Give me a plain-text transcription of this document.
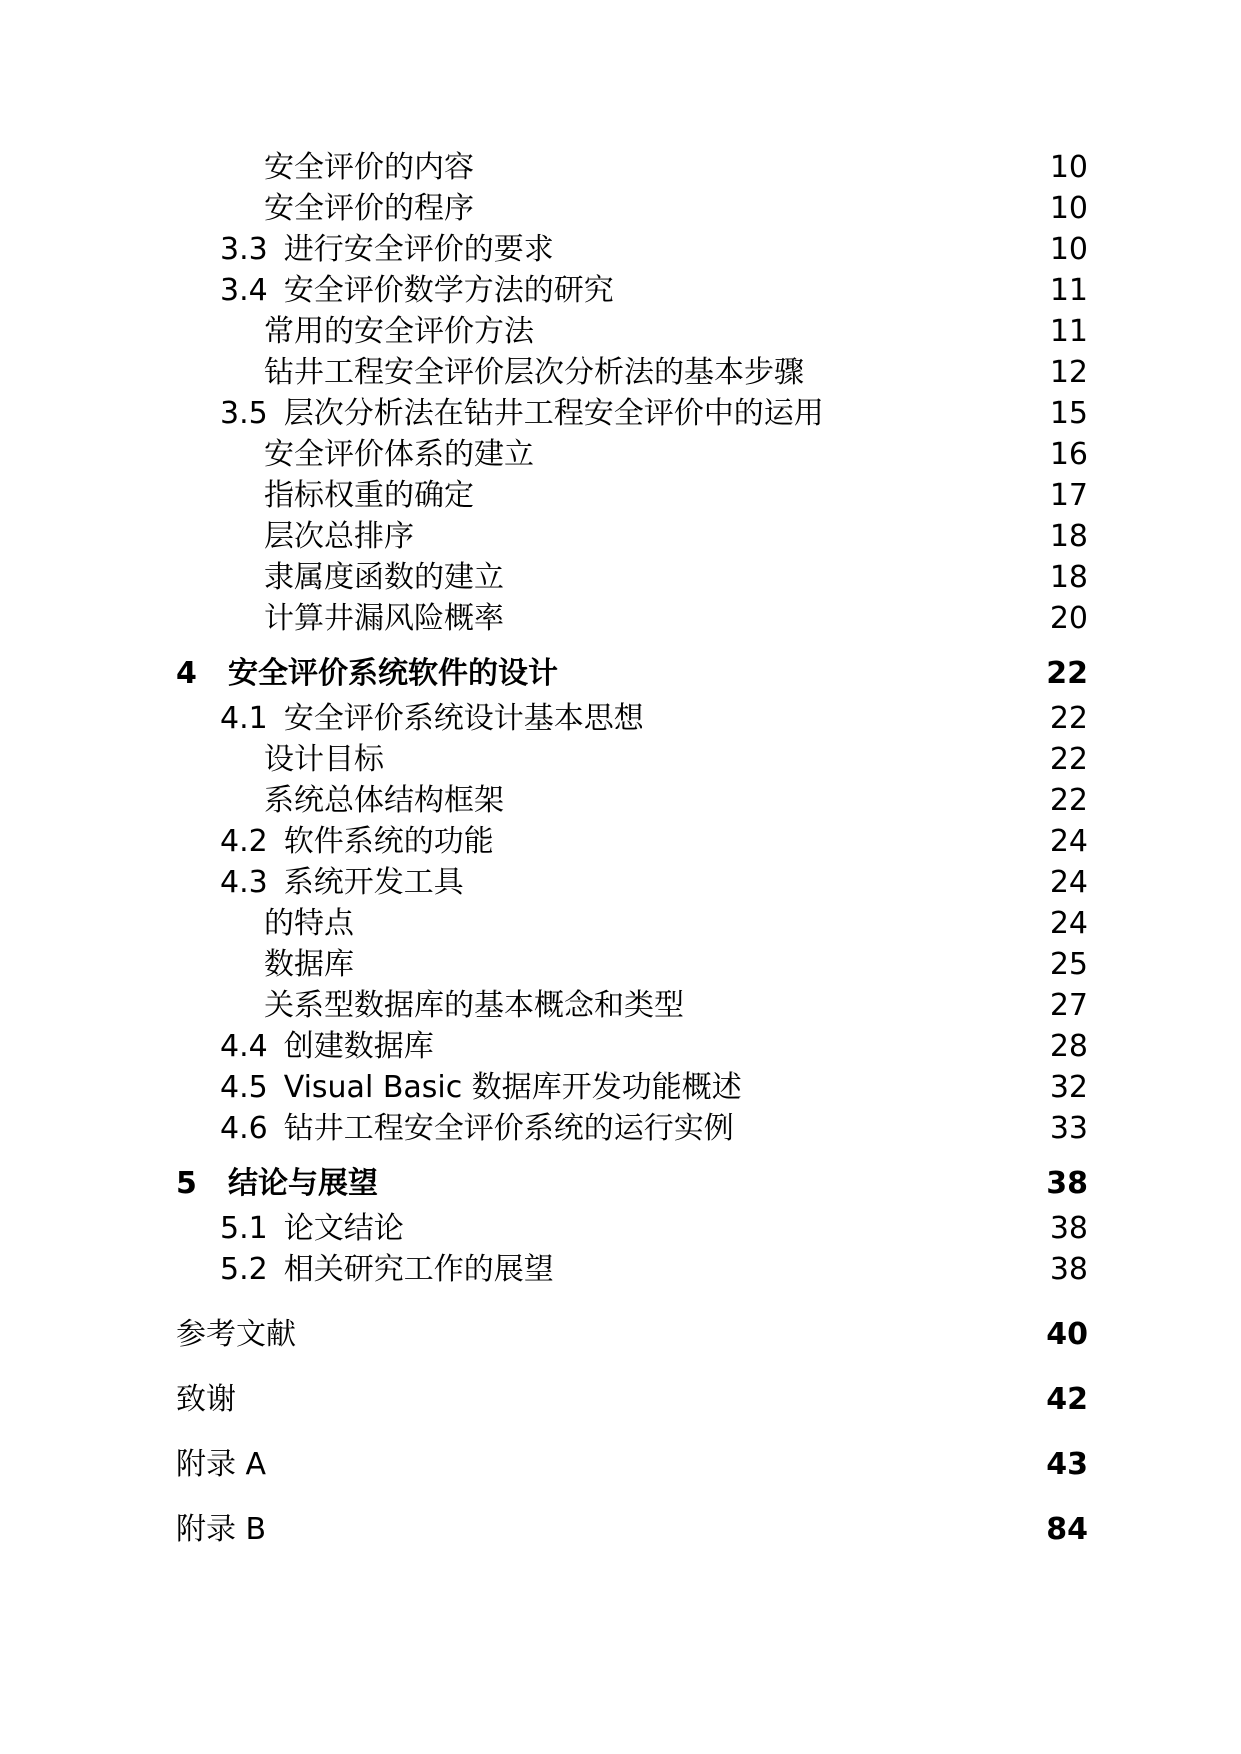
安全评价的内容 .....	10
安全评价的程序 .....	10
3.3 进行安全评价的要求 .....	10
3.4 安全评价数学方法的研究 .....	11
常用的安全评价方法 .....	11
钻井工程安全评价层次分析法的基本步骤 .....	12
3.5 层次分析法在钻井工程安全评价中的运用 .....	15
安全评价体系的建立 .....	16
指标权重的确定 .....	17
层次总排序 .....	18
隶属度函数的建立 .....	18
计算井漏风险概率 .....	20
4	安全评价系统软件的设计 .....	22
4.1 安全评价系统设计基本思想 .....	22
设计目标 .....	22
系统总体结构框架 .....	22
4.2 软件系统的功能 .....	24
4.3 系统开发工具 .....	24
的特点 .....	24
数据库 .....	25
关系型数据库的基本概念和类型 .....	27
4.4 创建数据库 .....	28
4.5 Visual Basic 数据库开发功能概述 .....	32
4.6 钻井工程安全评价系统的运行实例 .....	33
5	结论与展望 .....	38
5.1 论文结论 .....	38
5.2 相关研究工作的展望 .....	38
参考文献 .....	40
致谢 .....	42
附录 A .....	43
附录 B .....	84
